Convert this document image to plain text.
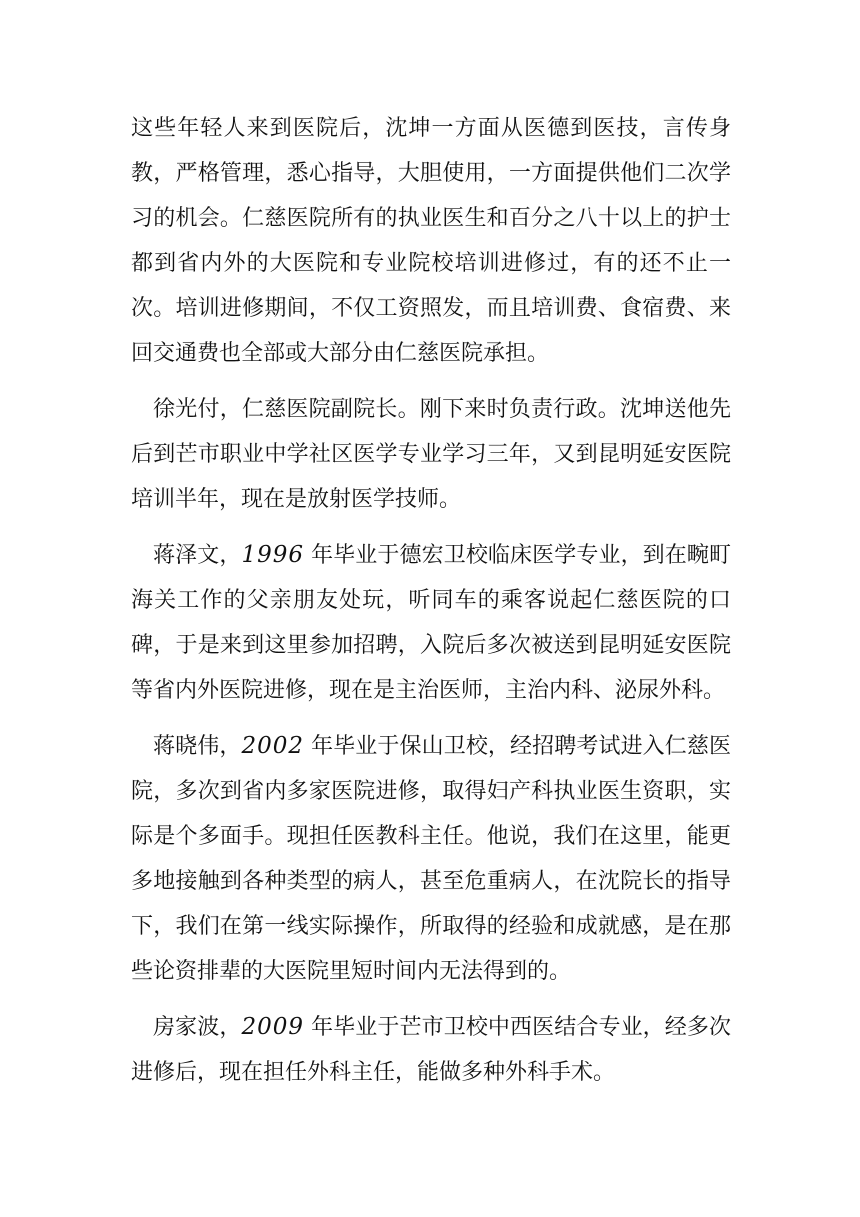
这些年轻人来到医院后，沈坤一方面从医德到医技，言传身教，严格管理，悉心指导，大胆使用，一方面提供他们二次学习的机会。仁慈医院所有的执业医生和百分之八十以上的护士都到省内外的大医院和专业院校培训进修过，有的还不止一次。培训进修期间，不仅工资照发，而且培训费、食宿费、来回交通费也全部或大部分由仁慈医院承担。

徐光付，仁慈医院副院长。刚下来时负责行政。沈坤送他先后到芒市职业中学社区医学专业学习三年，又到昆明延安医院培训半年，现在是放射医学技师。

蒋泽文，1996 年毕业于德宏卫校临床医学专业，到在畹町海关工作的父亲朋友处玩，听同车的乘客说起仁慈医院的口碑，于是来到这里参加招聘，入院后多次被送到昆明延安医院等省内外医院进修，现在是主治医师，主治内科、泌尿外科。

蒋晓伟，2002 年毕业于保山卫校，经招聘考试进入仁慈医院，多次到省内多家医院进修，取得妇产科执业医生资职，实际是个多面手。现担任医教科主任。他说，我们在这里，能更多地接触到各种类型的病人，甚至危重病人，在沈院长的指导下，我们在第一线实际操作，所取得的经验和成就感，是在那些论资排辈的大医院里短时间内无法得到的。

房家波，2009 年毕业于芒市卫校中西医结合专业，经多次进修后，现在担任外科主任，能做多种外科手术。
